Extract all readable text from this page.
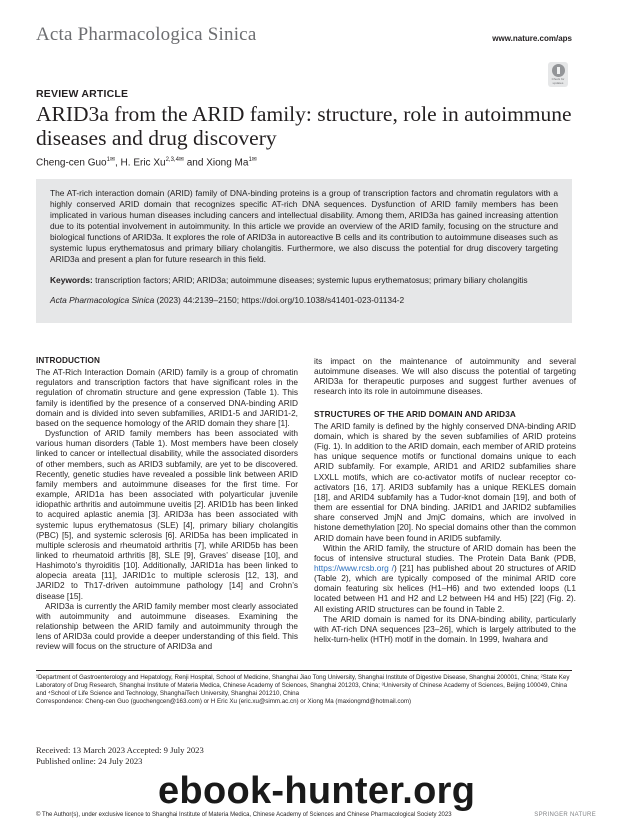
Acta Pharmacologica Sinica	www.nature.com/aps
Check for updates
REVIEW ARTICLE
ARID3a from the ARID family: structure, role in autoimmune diseases and drug discovery
Cheng-cen Guo$^{1✉}$, H. Eric $Xu^{2,3,4✉}$ and Xiong $Ma^{1✉}$

The AT-rich interaction domain (ARID) family of DNA-binding proteins is a group of transcription factors and chromatin regulators with a highly conserved ARID domain that recognizes specific AT-rich DNA sequences. Dysfunction of ARID family members has been implicated in various human diseases including cancers and intellectual disability. Among them, ARID3a has gained increasing attention due to its potential involvement in autoimmunity. In this article we provide an overview of the ARID family, focusing on the structure and biological functions of ARID3a. It explores the role of ARID3a in autoreactive B cells and its contribution to autoimmune diseases such as systemic lupus erythematosus and primary biliary cholangitis. Furthermore, we also discuss the potential for drug discovery targeting ARID3a and present a plan for future research in this field.

Keywords: transcription factors; ARID; ARID3a; autoimmune diseases; systemic lupus erythematosus; primary biliary cholangitis

Acta Pharmacologica Sinica (2023) 44:2139–2150; https://doi.org/10.1038/s41401-023-01134-2

INTRODUCTION

The AT-Rich Interaction Domain (ARID) family is a group of chromatin regulators and transcription factors that have significant roles in the regulation of chromatin structure and gene expression (Table 1). This family is identified by the presence of a conserved DNA-binding ARID domain and is divided into seven subfamilies, ARID1-5 and JARID1-2, based on the sequence homology of the ARID domain they share [1].

Dysfunction of ARID family members has been associated with various human disorders (Table 1). Most members have been closely linked to cancer or intellectual disability, while the associated disorders of other members, such as ARID3 subfamily, are yet to be discovered. Recently, genetic studies have revealed a possible link between ARID family members and autoimmune diseases for the first time. For example, ARID1a has been associated with polyarticular juvenile idiopathic arthritis and autoimmune uveitis [2]. ARID1b has been linked to acquired aplastic anemia [3]. ARID3a has been associated with systemic lupus erythematosus (SLE) [4], primary biliary cholangitis (PBC) [5], and systemic sclerosis [6]. ARID5a has been implicated in multiple sclerosis and rheumatoid arthritis [7], while ARID5b has been linked to rheumatoid arthritis [8], SLE [9], Graves’ disease [10], and Hashimoto’s thyroiditis [10]. Additionally, JARID1a has been linked to alopecia areata [11], JARID1c to multiple sclerosis [12, 13], and JARID2 to Th17-driven autoimmune pathology [14] and Crohn’s disease [15].

ARID3a is currently the ARID family member most clearly associated with autoimmunity and autoimmune diseases. Examining the relationship between the ARID family and autoimmunity through the lens of ARID3a could provide a deeper understanding of this field. This review will focus on the structure of ARID3a and

its impact on the maintenance of autoimmunity and several autoimmune diseases. We will also discuss the potential of targeting ARID3a for therapeutic purposes and suggest further avenues of research into its role in autoimmune diseases.

STRUCTURES OF THE ARID DOMAIN AND ARID3A

The ARID family is defined by the highly conserved DNA-binding ARID domain, which is shared by the seven subfamilies of ARID proteins (Fig. 1). In addition to the ARID domain, each member of ARID proteins has unique sequence motifs or functional domains unique to each ARID subfamily. For example, ARID1 and ARID2 subfamilies share LXXLL motifs, which are co-activator motifs of nuclear receptor co-activators [16, 17]. ARID3 subfamily has a unique REKLES domain [18], and ARID4 subfamily has a Tudor-knot domain [19], and both of them are essential for DNA binding. JARID1 and JARID2 subfamilies share conserved JmjN and JmjC domains, which are involved in histone demethylation [20]. No special domains other than the common ARID domain have been found in ARID5 subfamily.

Within the ARID family, the structure of ARID domain has been the focus of intensive structural studies. The Protein Data Bank (PDB, https://www.rcsb.org /) [21] has published about 20 structures of ARID (Table 2), which are typically composed of the minimal ARID core domain featuring six helices (H1–H6) and two extended loops (L1 located between H1 and H2 and L2 between H4 and H5) [22] (Fig. 2). All existing ARID structures can be found in Table 2.

The ARID domain is named for its DNA-binding ability, particularly with AT-rich DNA sequences [23–26], which is largely attributed to the helix-turn-helix (HTH) motif in the domain. In 1999, Iwahara and

¹Department of Gastroenterology and Hepatology, Renji Hospital, School of Medicine, Shanghai Jiao Tong University, Shanghai Institute of Digestive Disease, Shanghai 200001, China; ²State Key Laboratory of Drug Research, Shanghai Institute of Materia Medica, Chinese Academy of Sciences, Shanghai 201203, China; ³University of Chinese Academy of Sciences, Beijing 100049, China and ⁴School of Life Science and Technology, ShanghaiTech University, Shanghai 201210, China

Correspondence: Cheng-cen Guo (guochengcen@163.com) or H Eric Xu (eric.xu@simm.ac.cn) or Xiong Ma (maxiongmd@hotmail.com)

Received: 13 March 2023 Accepted: 9 July 2023
Published online: 24 July 2023
© The Author(s), under exclusive licence to Shanghai Institute of Materia Medica, Chinese Academy of Sciences and Chinese Pharmacological Society 2023	SPRINGER NATURE
ebook-hunter.org
